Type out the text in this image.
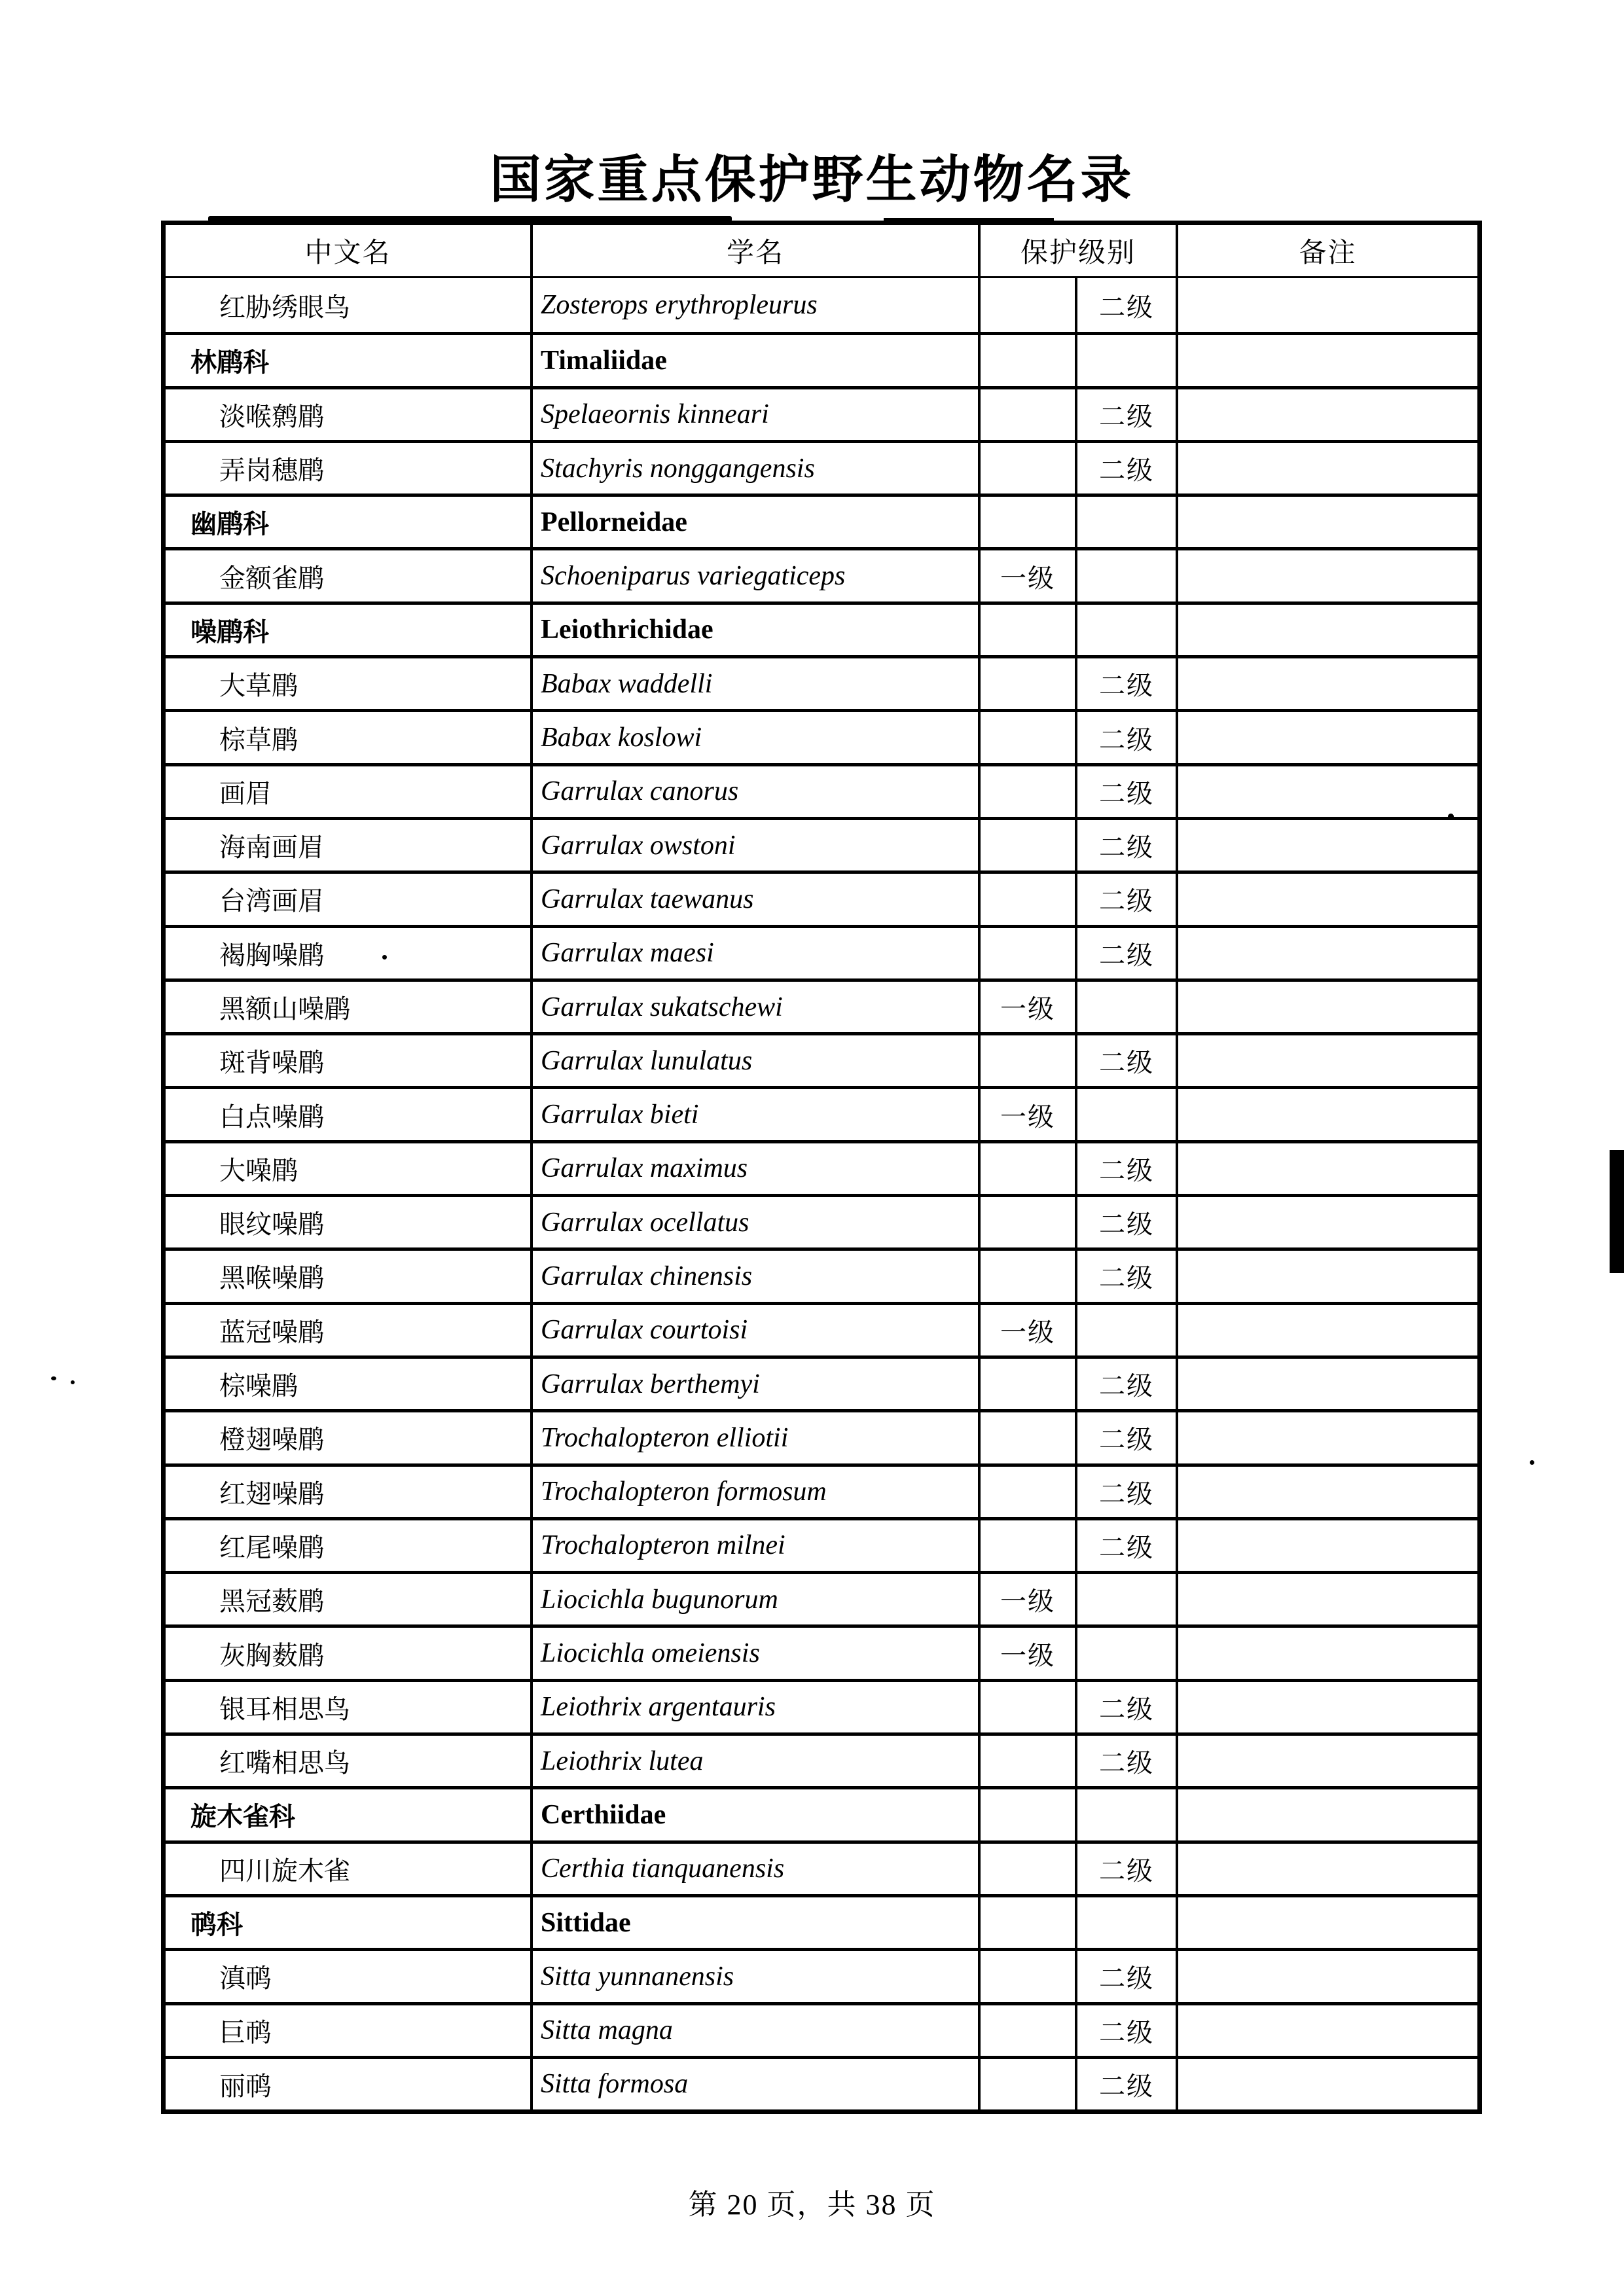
国家重点保护野生动物名录
中文名	学名	保护级别	备注
红胁绣眼鸟	Zosterops erythropleurus	二级
林鹛科	Timaliidae
淡喉鹩鹛	Spelaeornis kinneari	二级
弄岗穗鹛	Stachyris nonggangensis	二级
幽鹛科	Pellorneidae
金额雀鹛	Schoeniparus variegaticeps	一级
噪鹛科	Leiothrichidae
大草鹛	Babax waddelli	二级
棕草鹛	Babax koslowi	二级
画眉	Garrulax canorus	二级
海南画眉	Garrulax owstoni	二级
台湾画眉	Garrulax taewanus	二级
褐胸噪鹛	Garrulax maesi	二级
黑额山噪鹛	Garrulax sukatschewi	一级
斑背噪鹛	Garrulax lunulatus	二级
白点噪鹛	Garrulax bieti	一级
大噪鹛	Garrulax maximus	二级
眼纹噪鹛	Garrulax ocellatus	二级
黑喉噪鹛	Garrulax chinensis	二级
蓝冠噪鹛	Garrulax courtoisi	一级
棕噪鹛	Garrulax berthemyi	二级
橙翅噪鹛	Trochalopteron elliotii	二级
红翅噪鹛	Trochalopteron formosum	二级
红尾噪鹛	Trochalopteron milnei	二级
黑冠薮鹛	Liocichla bugunorum	一级
灰胸薮鹛	Liocichla omeiensis	一级
银耳相思鸟	Leiothrix argentauris	二级
红嘴相思鸟	Leiothrix lutea	二级
旋木雀科	Certhiidae
四川旋木雀	Certhia tianquanensis	二级
䴓科	Sittidae
滇䴓	Sitta yunnanensis	二级
巨䴓	Sitta magna	二级
丽䴓	Sitta formosa	二级
第 20 页，共 38 页
